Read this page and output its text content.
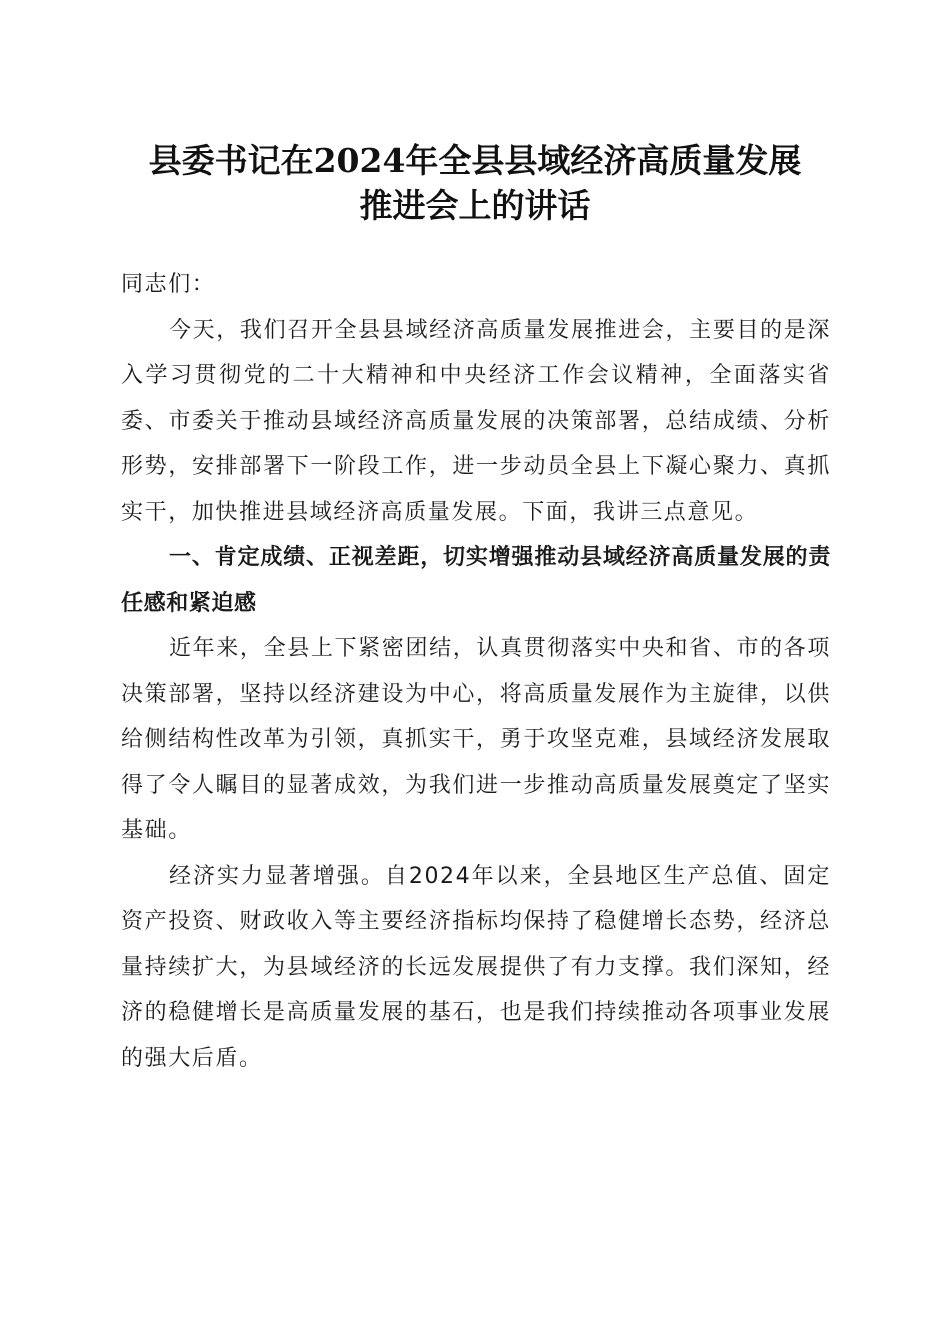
县委书记在2024年全县县域经济高质量发展
推进会上的讲话

同志们：

今天，我们召开全县县域经济高质量发展推进会，主要目的是深入学习贯彻党的二十大精神和中央经济工作会议精神，全面落实省委、市委关于推动县域经济高质量发展的决策部署，总结成绩、分析形势，安排部署下一阶段工作，进一步动员全县上下凝心聚力、真抓实干，加快推进县域经济高质量发展。下面，我讲三点意见。

一、肯定成绩、正视差距，切实增强推动县域经济高质量发展的责任感和紧迫感

近年来，全县上下紧密团结，认真贯彻落实中央和省、市的各项决策部署，坚持以经济建设为中心，将高质量发展作为主旋律，以供给侧结构性改革为引领，真抓实干，勇于攻坚克难，县域经济发展取得了令人瞩目的显著成效，为我们进一步推动高质量发展奠定了坚实基础。

经济实力显著增强。自2024年以来，全县地区生产总值、固定资产投资、财政收入等主要经济指标均保持了稳健增长态势，经济总量持续扩大，为县域经济的长远发展提供了有力支撑。我们深知，经济的稳健增长是高质量发展的基石，也是我们持续推动各项事业发展的强大后盾。
